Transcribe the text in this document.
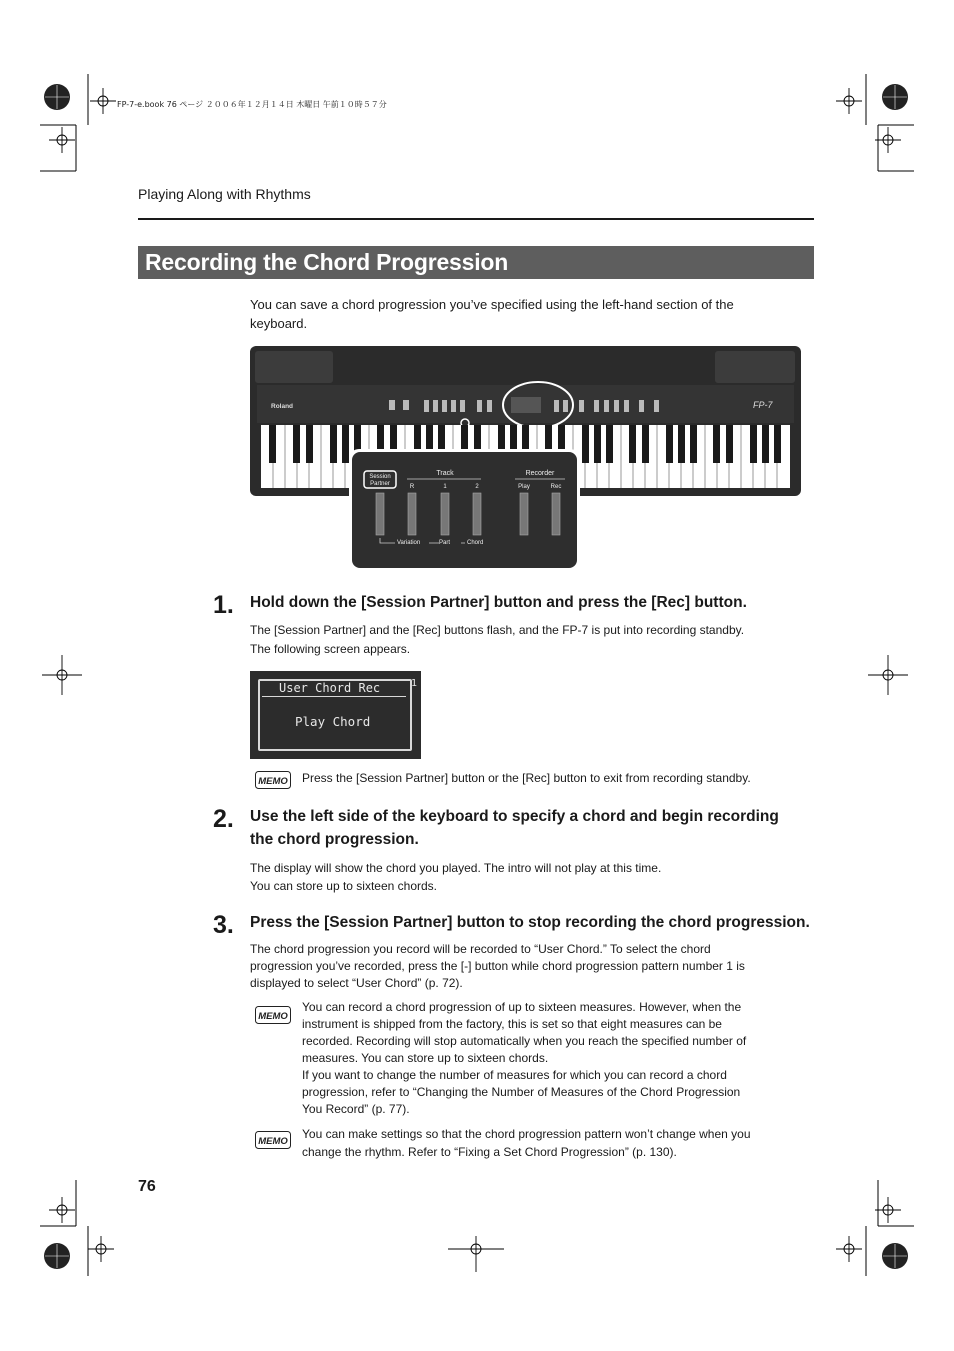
FP-7-e.book 76 ページ ２００６年１２月１４日 木曜日 午前１０時５７分
Playing Along with Rhythms
Recording the Chord Progression
You can save a chord progression you’ve specified using the left-hand section of the
keyboard.
Roland	FP-7
Session
Partner
Track
R	1	2
Recorder
Play	Rec
Variation	Part	Chord
1. Hold down the [Session Partner] button and press the [Rec] button.
The [Session Partner] and the [Rec] buttons flash, and the FP-7 is put into recording standby.
The following screen appears.
User Chord Rec
Play Chord
1
MEMO Press the [Session Partner] button or the [Rec] button to exit from recording standby.
2. Use the left side of the keyboard to specify a chord and begin recording
the chord progression.
The display will show the chord you played. The intro will not play at this time.
You can store up to sixteen chords.
3. Press the [Session Partner] button to stop recording the chord progression.
The chord progression you record will be recorded to “User Chord.” To select the chord
progression you’ve recorded, press the [-] button while chord progression pattern number 1 is
displayed to select “User Chord” (p. 72).
MEMO
You can record a chord progression of up to sixteen measures. However, when the
instrument is shipped from the factory, this is set so that eight measures can be
recorded. Recording will stop automatically when you reach the specified number of
measures. You can store up to sixteen chords.
If you want to change the number of measures for which you can record a chord
progression, refer to “Changing the Number of Measures of the Chord Progression
You Record” (p. 77).
MEMO
You can make settings so that the chord progression pattern won’t change when you
change the rhythm. Refer to “Fixing a Set Chord Progression” (p. 130).
76
